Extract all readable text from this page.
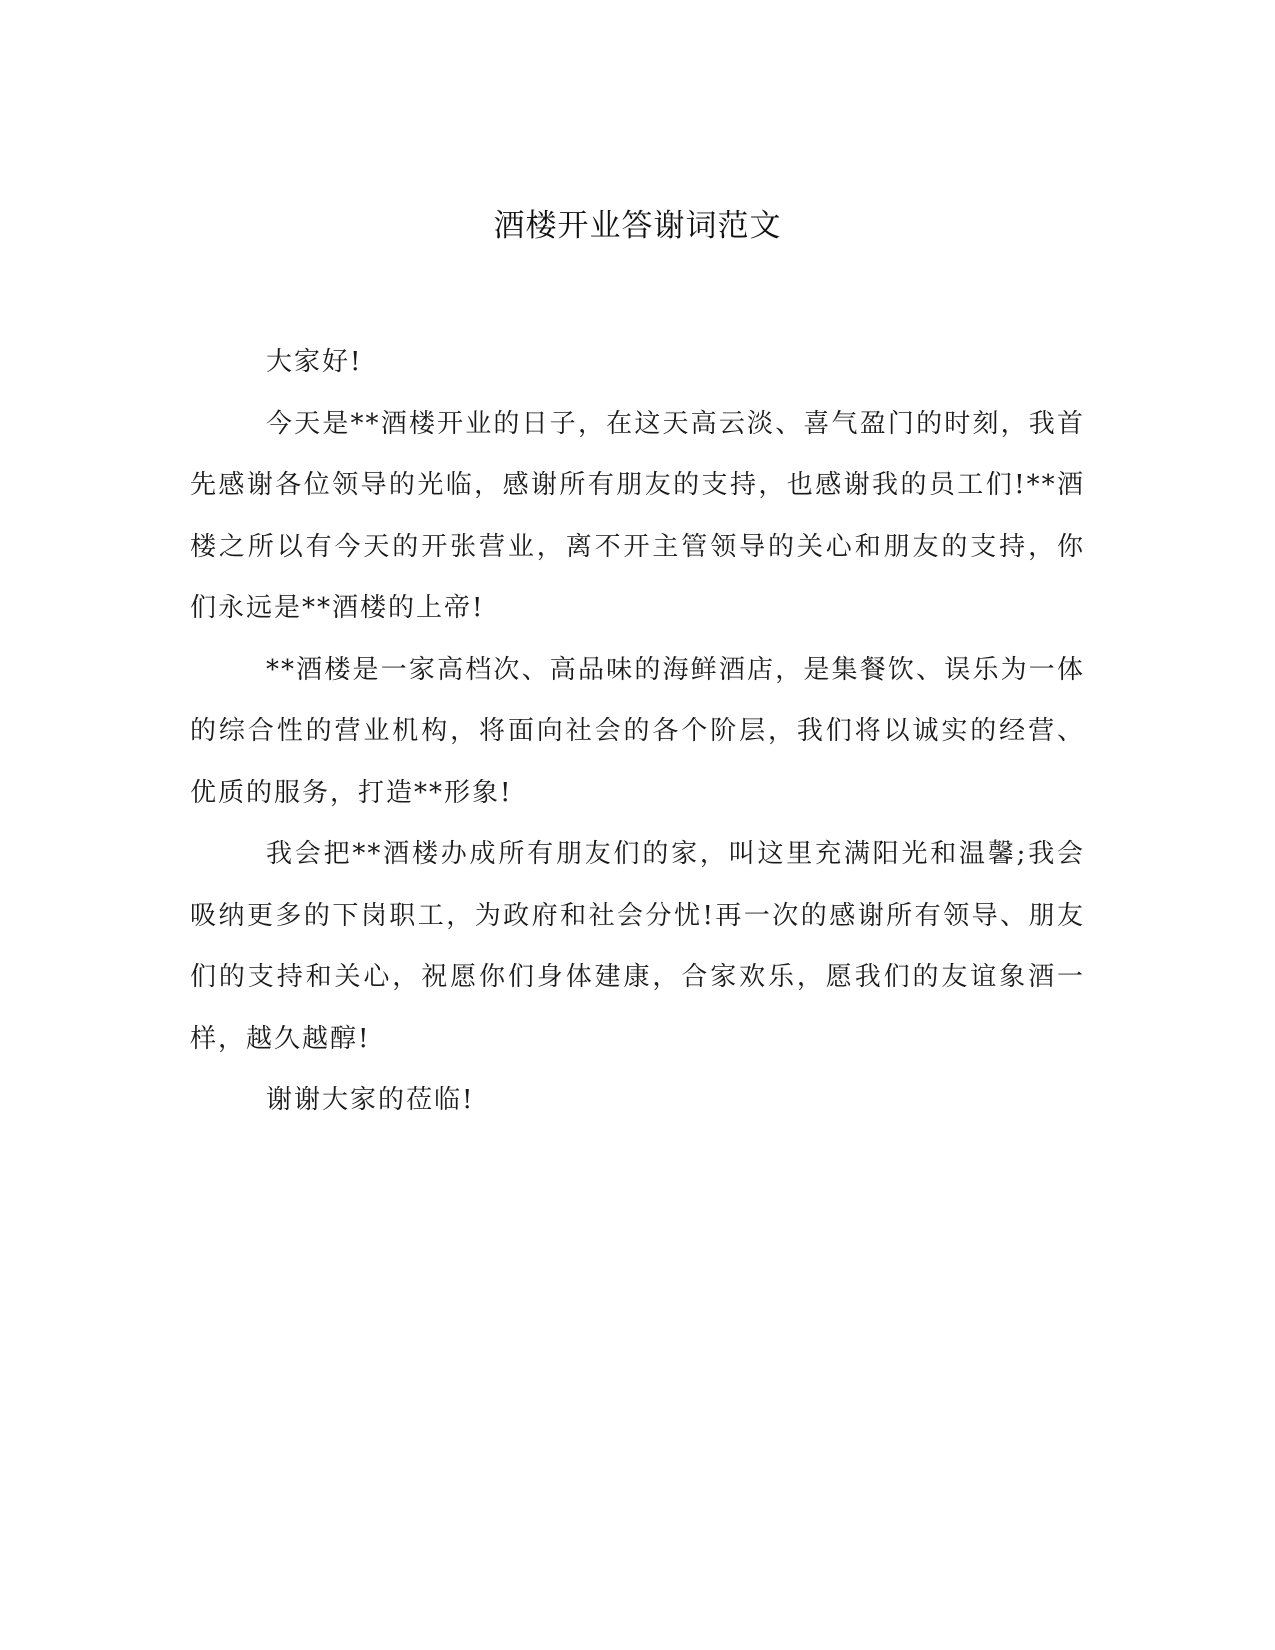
酒楼开业答谢词范文

大家好!

今天是**酒楼开业的日子，在这天高云淡、喜气盈门的时刻，我首先感谢各位领导的光临，感谢所有朋友的支持，也感谢我的员工们!**酒楼之所以有今天的开张营业，离不开主管领导的关心和朋友的支持，你们永远是**酒楼的上帝!

**酒楼是一家高档次、高品味的海鲜酒店，是集餐饮、误乐为一体的综合性的营业机构，将面向社会的各个阶层，我们将以诚实的经营、优质的服务，打造**形象!

我会把**酒楼办成所有朋友们的家，叫这里充满阳光和温馨;我会吸纳更多的下岗职工，为政府和社会分忧!再一次的感谢所有领导、朋友们的支持和关心，祝愿你们身体建康，合家欢乐，愿我们的友谊象酒一样，越久越醇!

谢谢大家的莅临!
